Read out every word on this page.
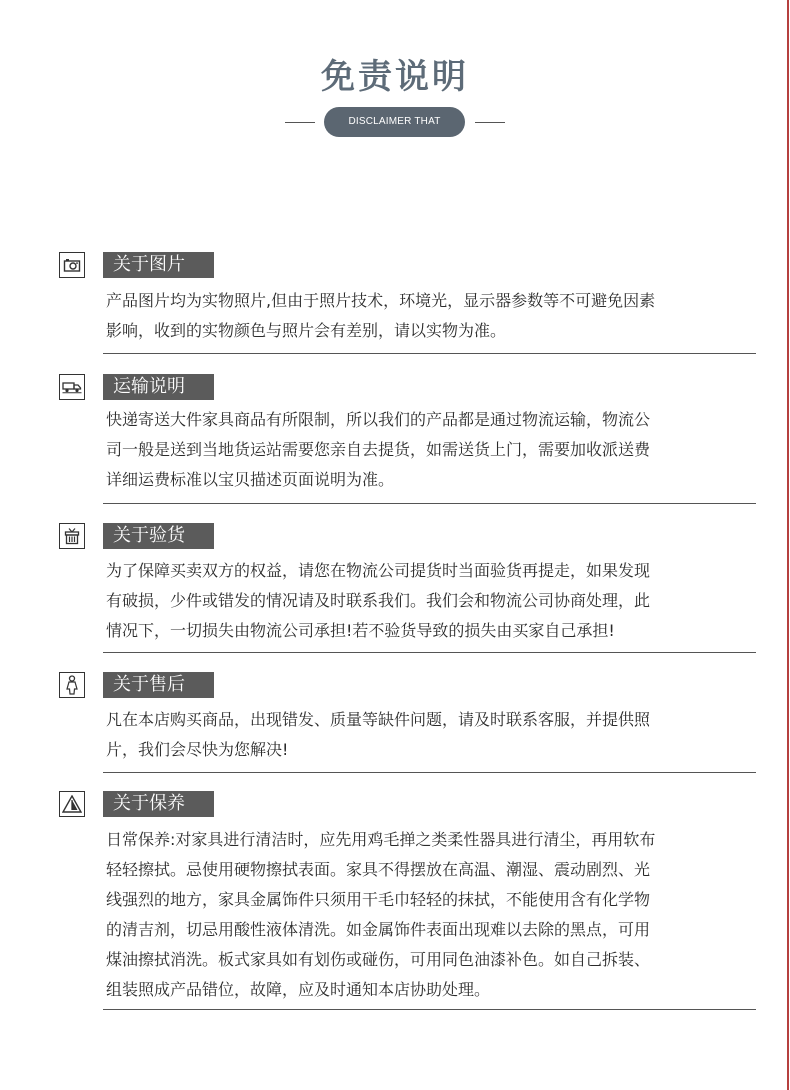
免责说明
DISCLAIMER THAT
关于图片
产品图片均为实物照片,但由于照片技术，环境光，显示器参数等不可避免因素
影响，收到的实物颜色与照片会有差别，请以实物为准。
运输说明
快递寄送大件家具商品有所限制，所以我们的产品都是通过物流运输，物流公
司一般是送到当地货运站需要您亲自去提货，如需送货上门，需要加收派送费
详细运费标准以宝贝描述页面说明为准。
关于验货
为了保障买卖双方的权益，请您在物流公司提货时当面验货再提走，如果发现
有破损，少件或错发的情况请及时联系我们。我们会和物流公司协商处理，此
情况下，一切损失由物流公司承担!若不验货导致的损失由买家自己承担!
关于售后
凡在本店购买商品，出现错发、质量等缺件问题，请及时联系客服，并提供照
片，我们会尽快为您解决!
关于保养
日常保养:对家具进行清洁时，应先用鸡毛掸之类柔性器具进行清尘，再用软布
轻轻擦拭。忌使用硬物擦拭表面。家具不得摆放在高温、潮湿、震动剧烈、光
线强烈的地方，家具金属饰件只须用干毛巾轻轻的抹拭，不能使用含有化学物
的清吉剂，切忌用酸性液体清洗。如金属饰件表面出现难以去除的黑点，可用
煤油擦拭消洗。板式家具如有划伤或碰伤，可用同色油漆补色。如自己拆装、
组装照成产品错位，故障，应及时通知本店协助处理。
